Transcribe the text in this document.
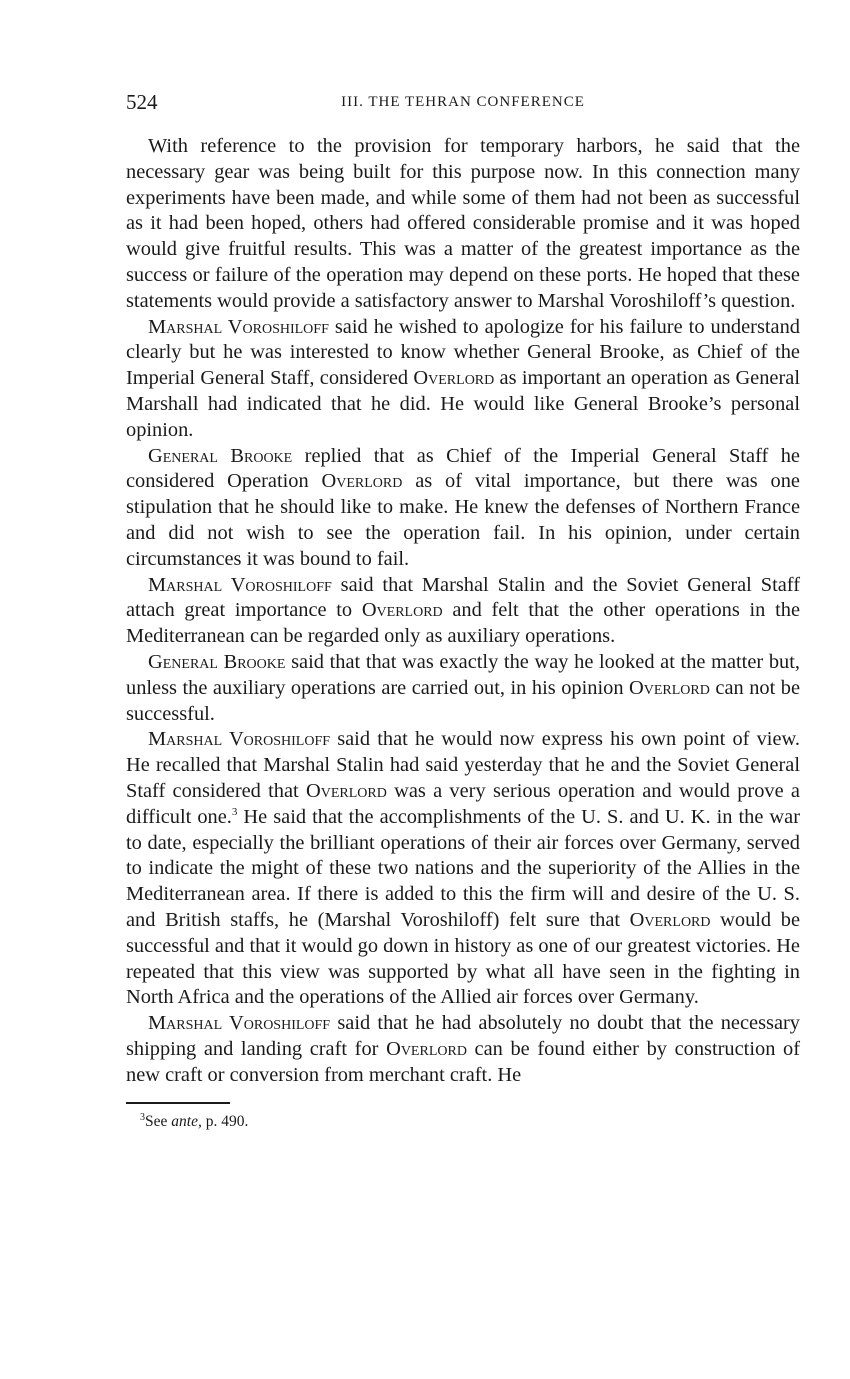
524	III. THE TEHRAN CONFERENCE

With reference to the provision for temporary harbors, he said that the necessary gear was being built for this purpose now. In this connection many experiments have been made, and while some of them had not been as successful as it had been hoped, others had offered considerable promise and it was hoped would give fruitful results. This was a matter of the greatest importance as the success or failure of the operation may depend on these ports. He hoped that these statements would provide a satisfactory answer to Marshal Voroshiloff’s question.

Marshal Voroshiloff said he wished to apologize for his failure to understand clearly but he was interested to know whether General Brooke, as Chief of the Imperial General Staff, considered Overlord as important an operation as General Marshall had indicated that he did. He would like General Brooke’s personal opinion.

General Brooke replied that as Chief of the Imperial General Staff he considered Operation Overlord as of vital importance, but there was one stipulation that he should like to make. He knew the defenses of Northern France and did not wish to see the operation fail. In his opinion, under certain circumstances it was bound to fail.

Marshal Voroshiloff said that Marshal Stalin and the Soviet General Staff attach great importance to Overlord and felt that the other operations in the Mediterranean can be regarded only as auxiliary operations.

General Brooke said that that was exactly the way he looked at the matter but, unless the auxiliary operations are carried out, in his opinion Overlord can not be successful.

Marshal Voroshiloff said that he would now express his own point of view. He recalled that Marshal Stalin had said yesterday that he and the Soviet General Staff considered that Overlord was a very serious operation and would prove a difficult one.$^3$ He said that the accomplishments of the U. S. and U. K. in the war to date, especially the brilliant operations of their air forces over Germany, served to indicate the might of these two nations and the superiority of the Allies in the Mediterranean area. If there is added to this the firm will and desire of the U. S. and British staffs, he (Marshal Voroshiloff) felt sure that Overlord would be successful and that it would go down in history as one of our greatest victories. He repeated that this view was supported by what all have seen in the fighting in North Africa and the operations of the Allied air forces over Germany.

Marshal Voroshiloff said that he had absolutely no doubt that the necessary shipping and landing craft for Overlord can be found either by construction of new craft or conversion from merchant craft. He

$^3$See ante, p. 490.
